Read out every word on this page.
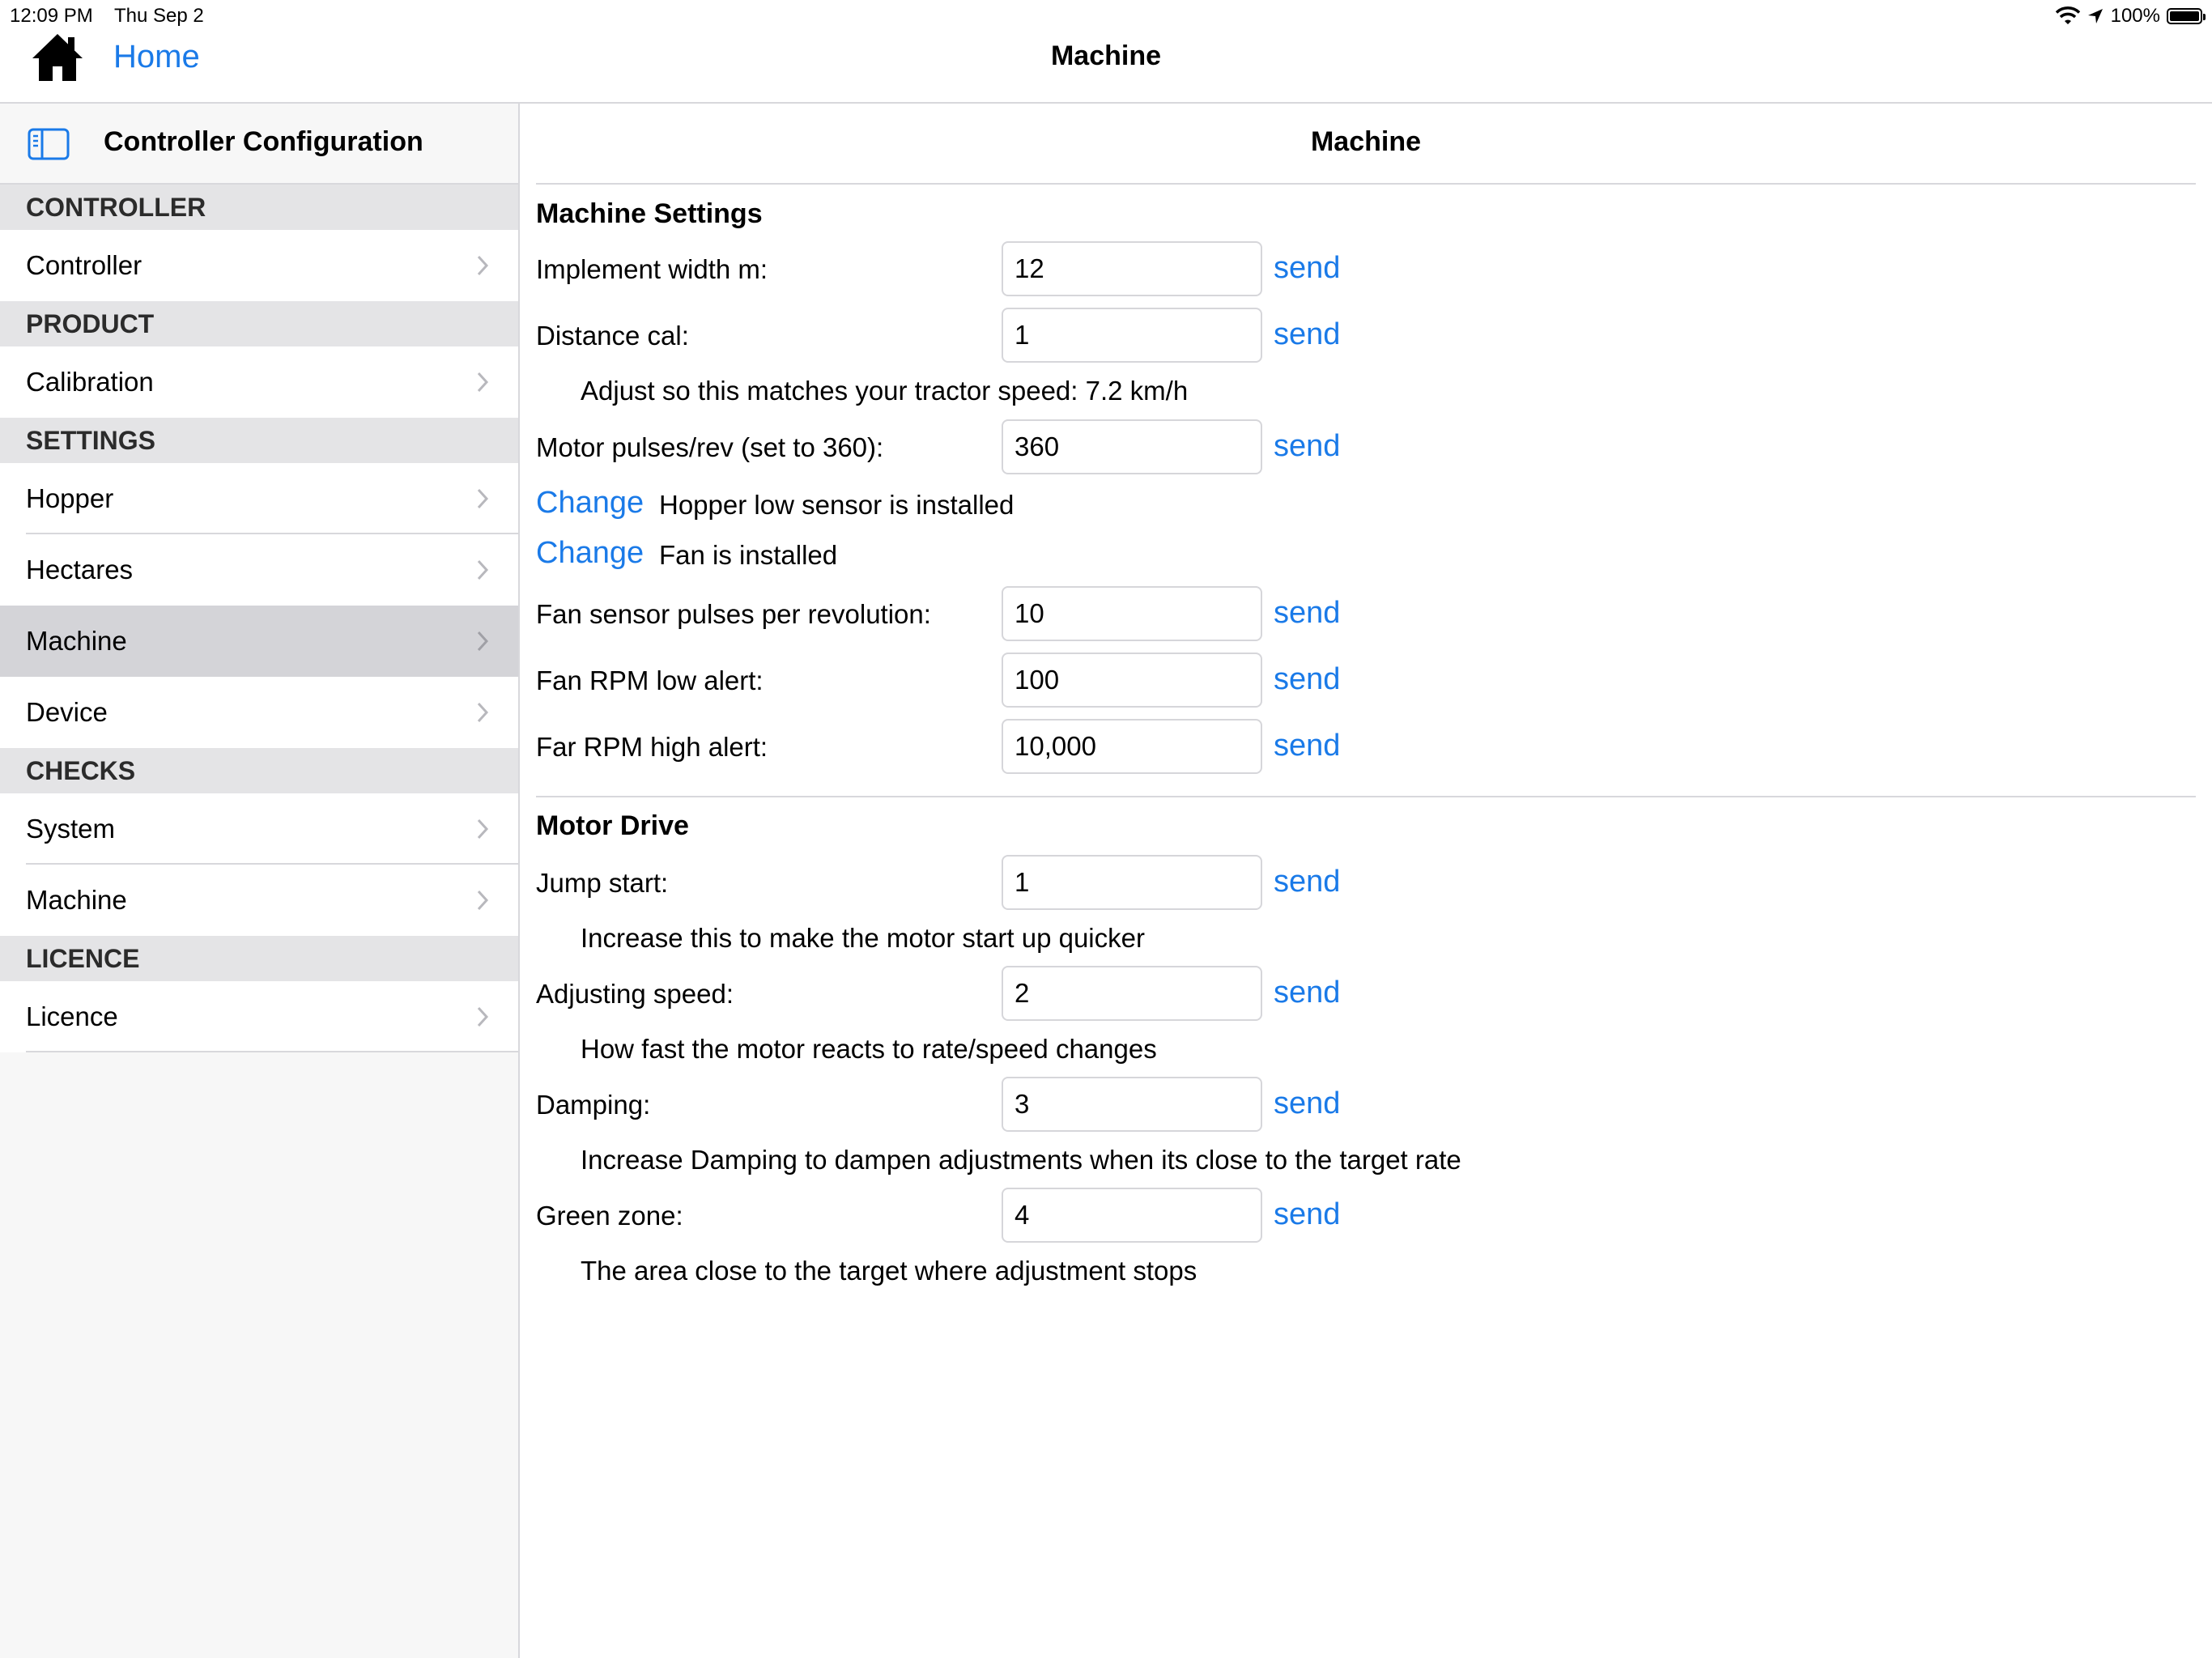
12:09 PM Thu Sep 2	100%
Home	Machine
Controller Configuration
CONTROLLER
Controller
PRODUCT
Calibration
SETTINGS
Hopper
Hectares
Machine
Device
CHECKS
System
Machine
LICENCE
Licence
Machine
Machine Settings
Implement width m:
12	send
Distance cal:
1	send
Adjust so this matches your tractor speed: 7.2 km/h
Motor pulses/rev (set to 360):
360	send
Change Hopper low sensor is installed
Change Fan is installed
Fan sensor pulses per revolution:
10	send
Fan RPM low alert:
100	send
Far RPM high alert:
10,000	send
Motor Drive
Jump start:
1	send
Increase this to make the motor start up quicker
Adjusting speed:
2	send
How fast the motor reacts to rate/speed changes
Damping:
3	send
Increase Damping to dampen adjustments when its close to the target rate
Green zone:
4	send
The area close to the target where adjustment stops
